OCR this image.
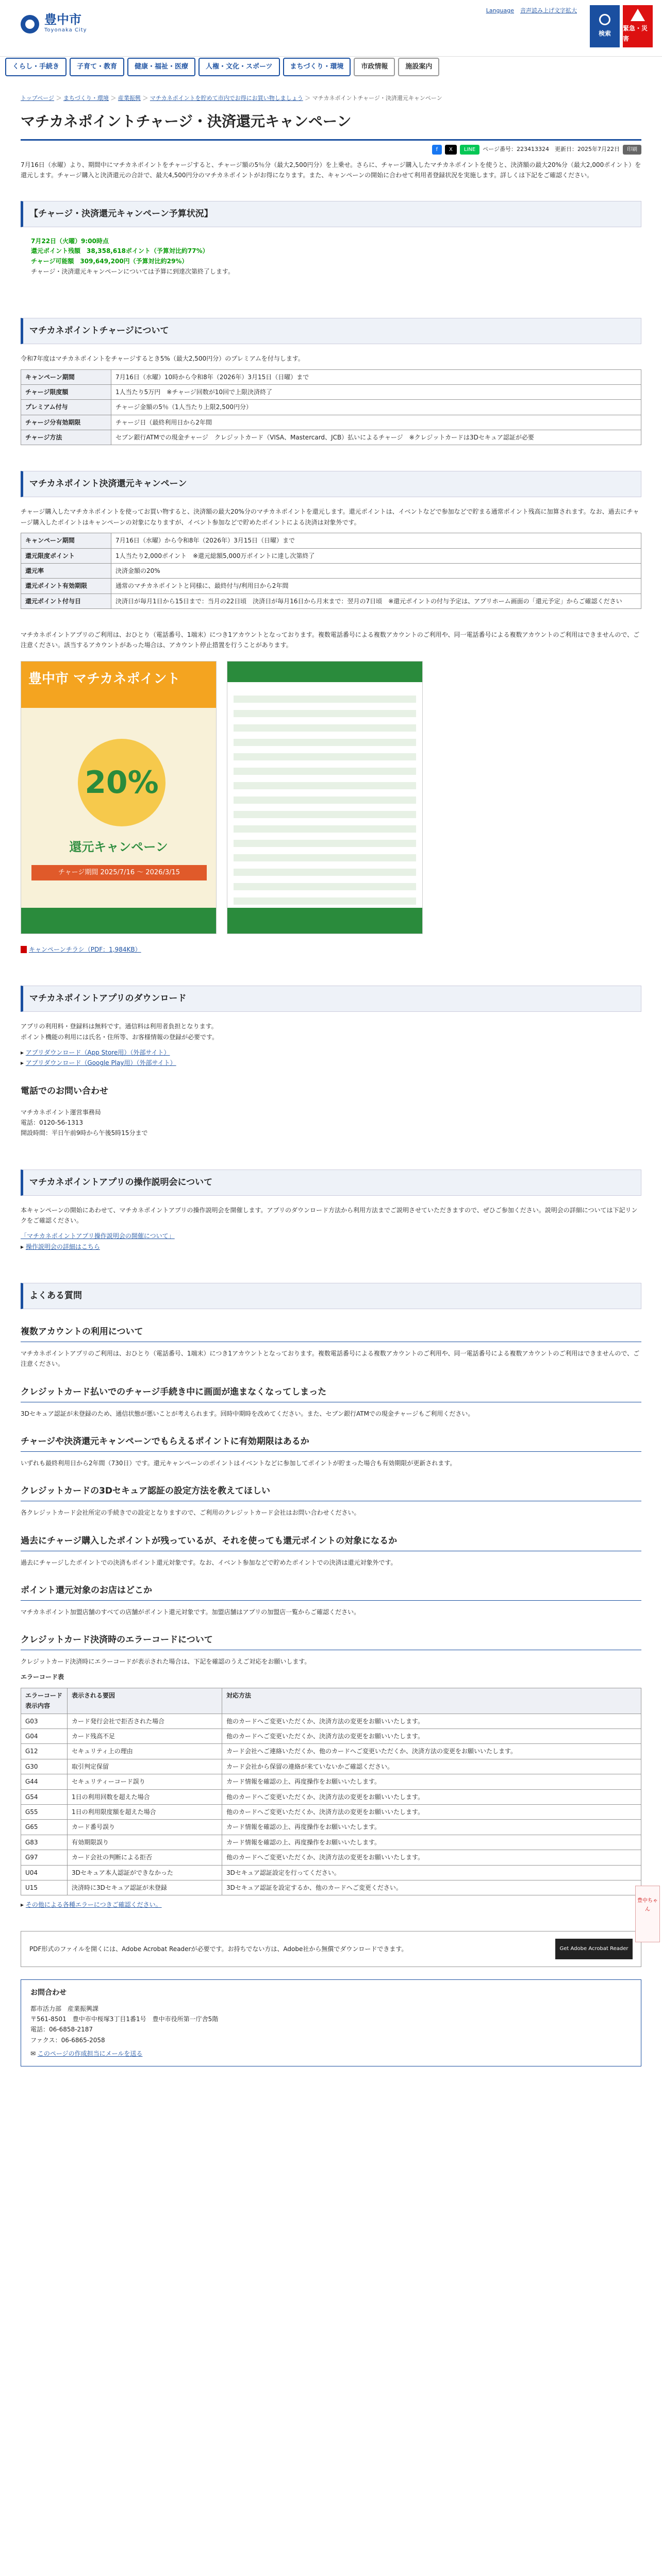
豊中市
Toyonaka City
Language 音声読み上げ文字拡大
検索
緊急・災害
くらし・手続き	子育て・教育	健康・福祉・医療	人権・文化・スポーツ	まちづくり・環境	市政情報	施設案内
トップページ ＞ まちづくり・環境 ＞ 産業振興 ＞ マチカネポイントを貯めて市内でお得にお買い物しましょう ＞ マチカネポイントチャージ・決済還元キャンペーン
マチカネポイントチャージ・決済還元キャンペーン
f	X	LINE	ページ番号：223413324　更新日：2025年7月22日	印刷

7月16日（水曜）より、期間中にマチカネポイントをチャージすると、チャージ額の5％分（最大2,500円分）を上乗せ。さらに、チャージ購入したマチカネポイントを使うと、決済額の最大20%分（最大2,000ポイント）を還元します。チャージ購入と決済還元の合計で、最大4,500円分のマチカネポイントがお得になります。また、キャンペーンの開始に合わせて利用者登録状況を実施します。詳しくは下記をご確認ください。

【チャージ・決済還元キャンペーン予算状況】
7月22日（火曜）9:00時点
還元ポイント残額　38,358,618ポイント（予算対比約77%）
チャージ可能額　309,649,200円（予算対比約29%）
チャージ・決済還元キャンペーンについては予算に到達次第終了します。
マチカネポイントチャージについて

令和7年度はマチカネポイントをチャージするとき5%（最大2,500円分）のプレミアムを付与します。

キャンペーン期間	7月16日（水曜）10時から令和8年（2026年）3月15日（日曜）まで
チャージ限度額	1人当たり5万円　※チャージ回数が10回で上限決済終了
プレミアム付与	チャージ金額の5％（1人当たり上限2,500円分）
チャージ分有効期限	チャージ日（最終利用日から2年間
チャージ方法	セブン銀行ATMでの現金チャージ　クレジットカード（VISA、Mastercard、JCB）払いによるチャージ　※クレジットカードは3Dセキュア認証が必要
マチカネポイント決済還元キャンペーン

チャージ購入したマチカネポイントを使ってお買い物すると、決済額の最大20%分のマチカネポイントを還元します。還元ポイントは、イベントなどで参加などで貯まる通常ポイント残高に加算されます。なお、過去にチャージ購入したポイントはキャンペーンの対象になりますが、イベント参加などで貯めたポイントによる決済は対象外です。

キャンペーン期間	7月16日（水曜）から令和8年（2026年）3月15日（日曜）まで
還元限度ポイント	1人当たり2,000ポイント　※還元総額5,000万ポイントに達し次第終了
還元率	決済金額の20%
還元ポイント有効期限	通常のマチカネポイントと同様に、最終付与/利用日から2年間
還元ポイント付与日	決済日が毎月1日から15日まで：当月の22日頃　決済日が毎月16日から月末まで：翌月の7日頃　※還元ポイントの付与予定は、アプリホーム画面の「還元予定」からご確認ください

マチカネポイントアプリのご利用は、おひとり（電話番号、1端末）につき1アカウントとなっております。複数電話番号による複数アカウントのご利用や、同一電話番号による複数アカウントのご利用はできませんので、ご注意ください。該当するアカウントがあった場合は、アカウント停止措置を行うことがあります。

豊中市 マチカネポイント
20%
還元キャンペーン
チャージ期間 2025/7/16 ～ 2026/3/15

キャンペーンチラシ（PDF：1,984KB）

マチカネポイントアプリのダウンロード

アプリの利用料・登録料は無料です。通信料は利用者負担となります。

ポイント機能の利用には氏名・住所等、お客様情報の登録が必要です。

▸ アプリダウンロード（App Store用）（外部サイト）

▸ アプリダウンロード（Google Play用）（外部サイト）

電話でのお問い合わせ

マチカネポイント運営事務局

電話：0120-56-1313

開設時間：平日午前9時から午後5時15分まで

マチカネポイントアプリの操作説明会について

本キャンペーンの開始にあわせて、マチカネポイントアプリの操作説明会を開催します。アプリのダウンロード方法から利用方法までご説明させていただきますので、ぜひご参加ください。説明会の詳細については下記リンクをご確認ください。

「マチカネポイントアプリ操作説明会の開催について」

▸ 操作説明会の詳細はこちら

よくある質問
複数アカウントの利用について

マチカネポイントアプリのご利用は、おひとり（電話番号、1端末）につき1アカウントとなっております。複数電話番号による複数アカウントのご利用や、同一電話番号による複数アカウントのご利用はできませんので、ご注意ください。

クレジットカード払いでのチャージ手続き中に画面が進まなくなってしまった

3Dセキュア認証が未登録のため、通信状態が悪いことが考えられます。回時中期時を改めてください。また、セブン銀行ATMでの現金チャージもご利用ください。

チャージや決済還元キャンペーンでもらえるポイントに有効期限はあるか

いずれも最終利用日から2年間（730日）です。還元キャンペーンのポイントはイベントなどに参加してポイントが貯まった場合も有効期限が更新されます。

クレジットカードの3Dセキュア認証の設定方法を教えてほしい

各クレジットカード会社所定の手続きでの設定となりますので、ご利用のクレジットカード会社はお問い合わせください。

過去にチャージ購入したポイントが残っているが、それを使っても還元ポイントの対象になるか

過去にチャージしたポイントでの決済もポイント還元対象です。なお、イベント参加などで貯めたポイントでの決済は還元対象外です。

ポイント還元対象のお店はどこか

マチカネポイント加盟店舗のすべての店舗がポイント還元対象です。加盟店舗はアプリの加盟店一覧からご確認ください。

クレジットカード決済時のエラーコードについて

クレジットカード決済時にエラーコードが表示された場合は、下記を確認のうえご対応をお願いします。

エラーコード表

エラーコード表示内容	表示される要因	対応方法
G03	カード発行会社で拒否された場合	他のカードへご変更いただくか、決済方法の変更をお願いいたします。
G04	カード残高不足	他のカードへご変更いただくか、決済方法の変更をお願いいたします。
G12	セキュリティ上の理由	カード会社へご連絡いただくか、他のカードへご変更いただくか、決済方法の変更をお願いいたします。
G30	取引判定保留	カード会社から保留の連絡が来ていないかご確認ください。
G44	セキュリティーコード誤り	カード情報を確認の上、再度操作をお願いいたします。
G54	1日の利用回数を超えた場合	他のカードへご変更いただくか、決済方法の変更をお願いいたします。
G55	1日の利用限度額を超えた場合	他のカードへご変更いただくか、決済方法の変更をお願いいたします。
G65	カード番号誤り	カード情報を確認の上、再度操作をお願いいたします。
G83	有効期限誤り	カード情報を確認の上、再度操作をお願いいたします。
G97	カード会社の判断による拒否	他のカードへご変更いただくか、決済方法の変更をお願いいたします。
U04	3Dセキュア本人認証ができなかった	3Dセキュア認証設定を行ってください。
U15	決済時に3Dセキュア認証が未登録	3Dセキュア認証を設定するか、他のカードへご変更ください。

▸ その他による各種エラーにつきご確認ください。

PDF形式のファイルを開くには、Adobe Acrobat Readerが必要です。お持ちでない方は、Adobe社から無償でダウンロードできます。	Get Adobe Acrobat Reader
お問合わせ

都市活力部　産業振興課

〒561-8501　豊中市中桜塚3丁目1番1号　豊中市役所第一庁舎5階

電話：06-6858-2187

ファクス：06-6865-2058

✉ このページの作成担当にメールを送る

豊中ちゃん
